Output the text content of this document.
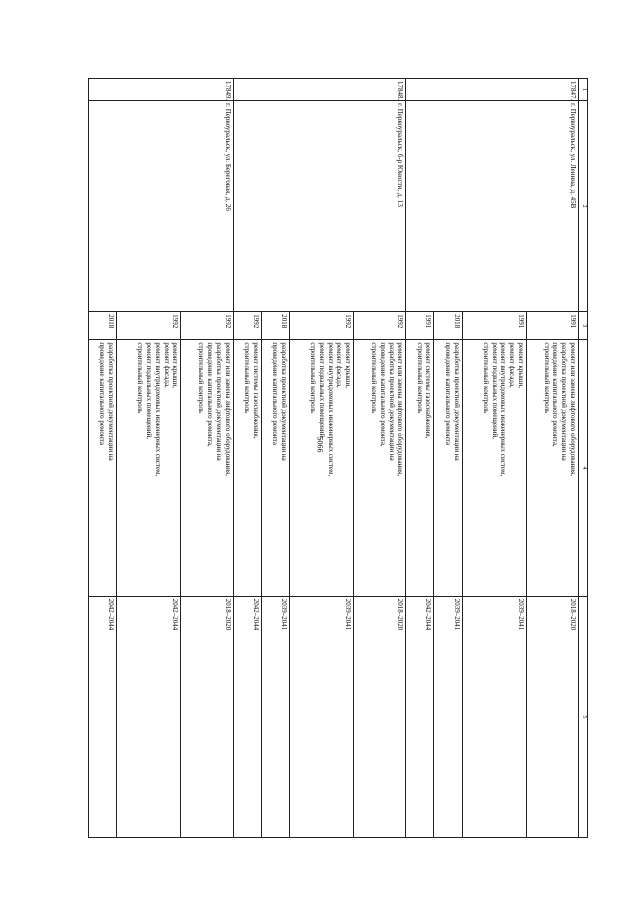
5066
1	2	3	4	5
17847.	г. Первоуральск, ул. Ленина, д. 45В	1991	ремонт или замена лифтового оборудования,
разработка проектной документации на
проведение капитального ремонта,
строительный контроль	2018–2020
		1991	ремонт крыши,
ремонт фасада,
ремонт внутридомовых инженерных систем,
ремонт подвальных помещений,
строительный контроль	2039–2041
		2018	разработка проектной документации на
проведение капитального ремонта	2039–2041
		1991	ремонт системы газоснабжения,
строительный контроль	2042–2044
17848.	г. Первоуральск, б-р Юности, д. 13	1992	ремонт или замена лифтового оборудования,
разработка проектной документации на
проведение капитального ремонта,
строительный контроль	2018–2020
		1992	ремонт крыши,
ремонт фасада,
ремонт внутридомовых инженерных систем,
ремонт подвальных помещений,
строительный контроль	2039–2041
		2018	разработка проектной документации на
проведение капитального ремонта	2039–2041
		1992	ремонт системы газоснабжения,
строительный контроль	2042–2044
17849.	г. Первоуральск, ул. Береговая, д. 26	1992	ремонт или замена лифтового оборудования,
разработка проектной документации на
проведение капитального ремонта,
строительный контроль	2018–2020
		1992	ремонт крыши,
ремонт фасада,
ремонт внутридомовых инженерных систем,
ремонт подвальных помещений,
строительный контроль	2042–2044
		2018	разработка проектной документации на
проведение капитального ремонта	2042–2044
